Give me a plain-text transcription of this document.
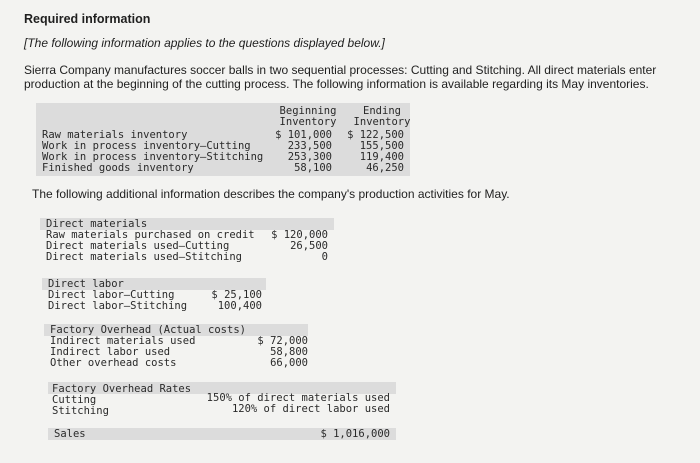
Required information
[The following information applies to the questions displayed below.]
Sierra Company manufactures soccer balls in two sequential processes: Cutting and Stitching. All direct materials enter production at the beginning of the cutting process. The following information is available regarding its May inventories.
Beginning
Inventory
Ending
Inventory
Raw materials inventory	$ 101,000	$ 122,500
Work in process inventory—Cutting	233,500	155,500
Work in process inventory—Stitching	253,300	119,400
Finished goods inventory	58,100	46,250
The following additional information describes the company's production activities for May.
Direct materials
Raw materials purchased on credit	$ 120,000
Direct materials used—Cutting	26,500
Direct materials used—Stitching	0
Direct labor
Direct labor—Cutting	$ 25,100
Direct labor—Stitching	100,400
Factory Overhead (Actual costs)
Indirect materials used	$ 72,000
Indirect labor used	58,800
Other overhead costs	66,000
Factory Overhead Rates
Cutting	150% of direct materials used
Stitching	120% of direct labor used
Sales	$ 1,016,000
